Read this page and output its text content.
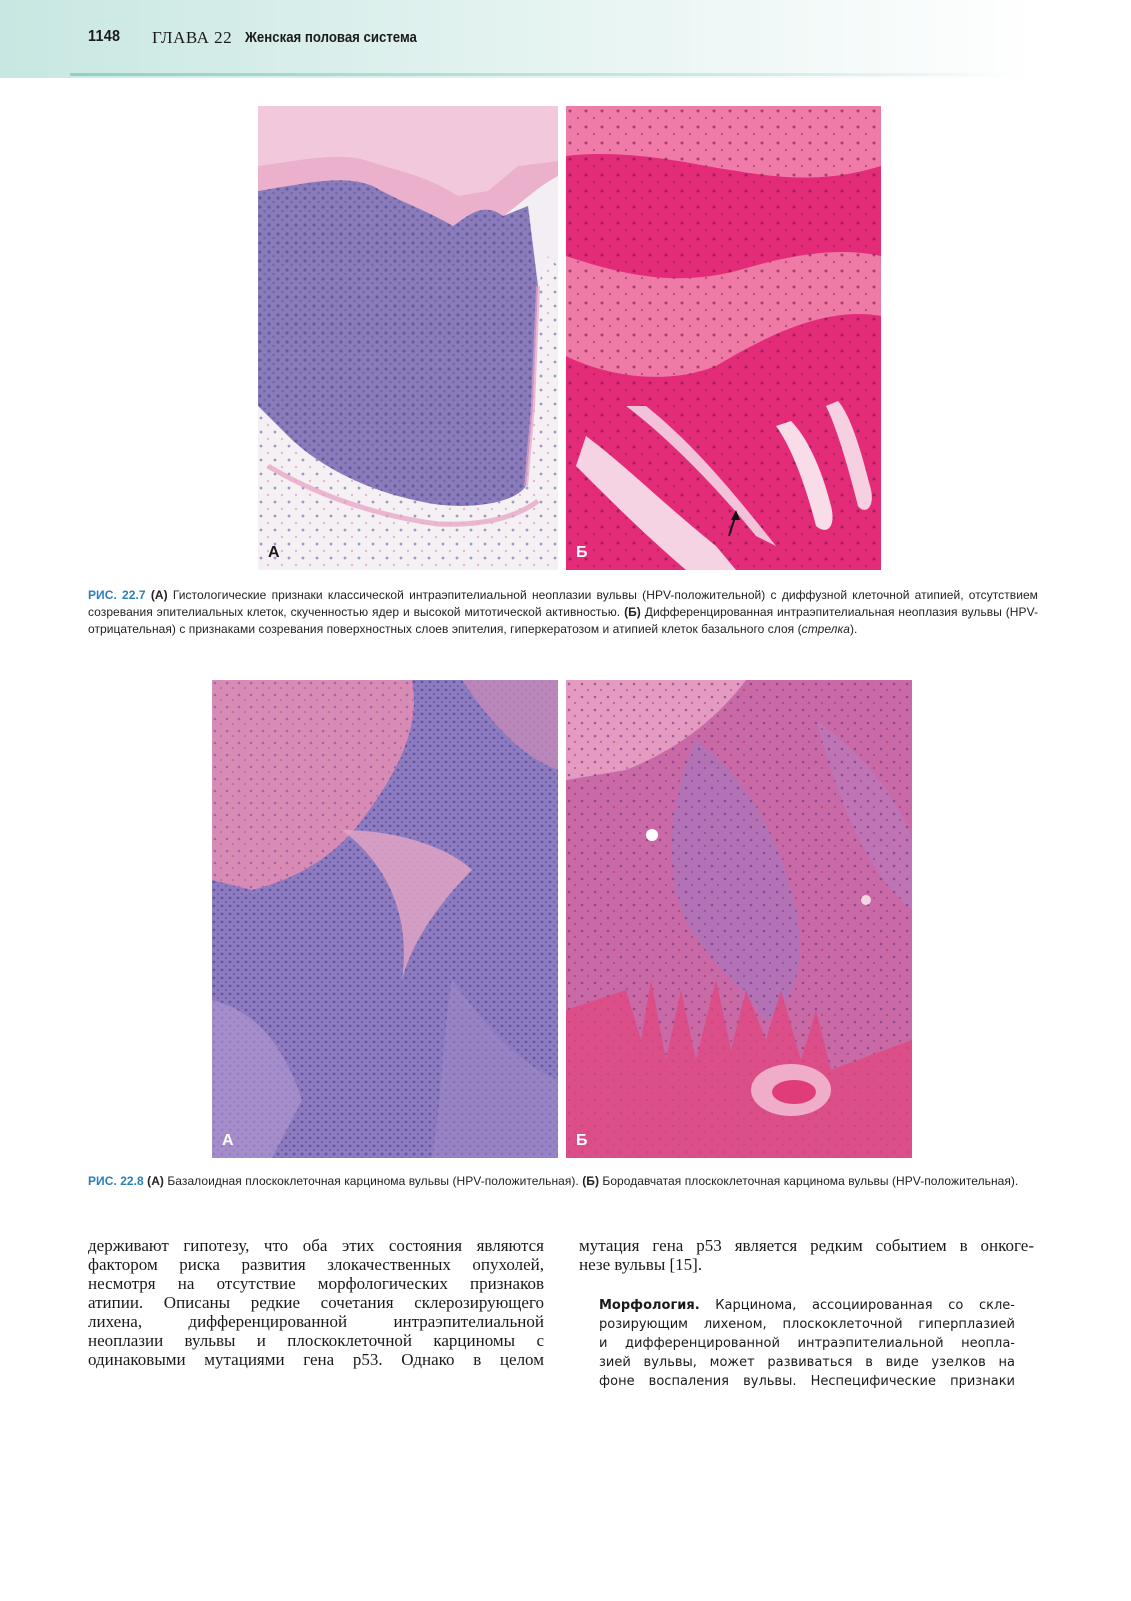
1148 ГЛАВА 22 Женская половая система
А	Б
РИС. 22.7 (А) Гистологические признаки классической интраэпителиальной неоплазии вульвы (HPV-положительной) с диффузной клеточной атипией, отсутствием созревания эпителиальных клеток, скученностью ядер и высокой митотической активностью. (Б) Дифференцированная интраэпителиальная неоплазия вульвы (HPV-отрицательная) с признаками созревания поверхностных слоев эпителия, гиперкератозом и атипией клеток базального слоя (стрелка).
А	Б
РИС. 22.8 (А) Базалоидная плоскоклеточная карцинома вульвы (HPV-положительная). (Б) Бородавчатая плоскоклеточная карцинома вульвы (HPV-положительная).
держивают гипотезу, что оба этих состояния являются
фактором риска развития злокачественных опухолей,
несмотря на отсутствие морфологических признаков
атипии. Описаны редкие сочетания склерозирующего
лихена, дифференцированной интраэпителиальной
неоплазии вульвы и плоскоклеточной карциномы с
одинаковыми мутациями гена p53. Однако в целом
мутация гена p53 является редким событием в онкоге-
незе вульвы [15].
Морфология. Карцинома, ассоциированная со скле-
розирующим лихеном, плоскоклеточной гиперплазией
и дифференцированной интраэпителиальной неопла-
зией вульвы, может развиваться в виде узелков на
фоне воспаления вульвы. Неспецифические признаки
